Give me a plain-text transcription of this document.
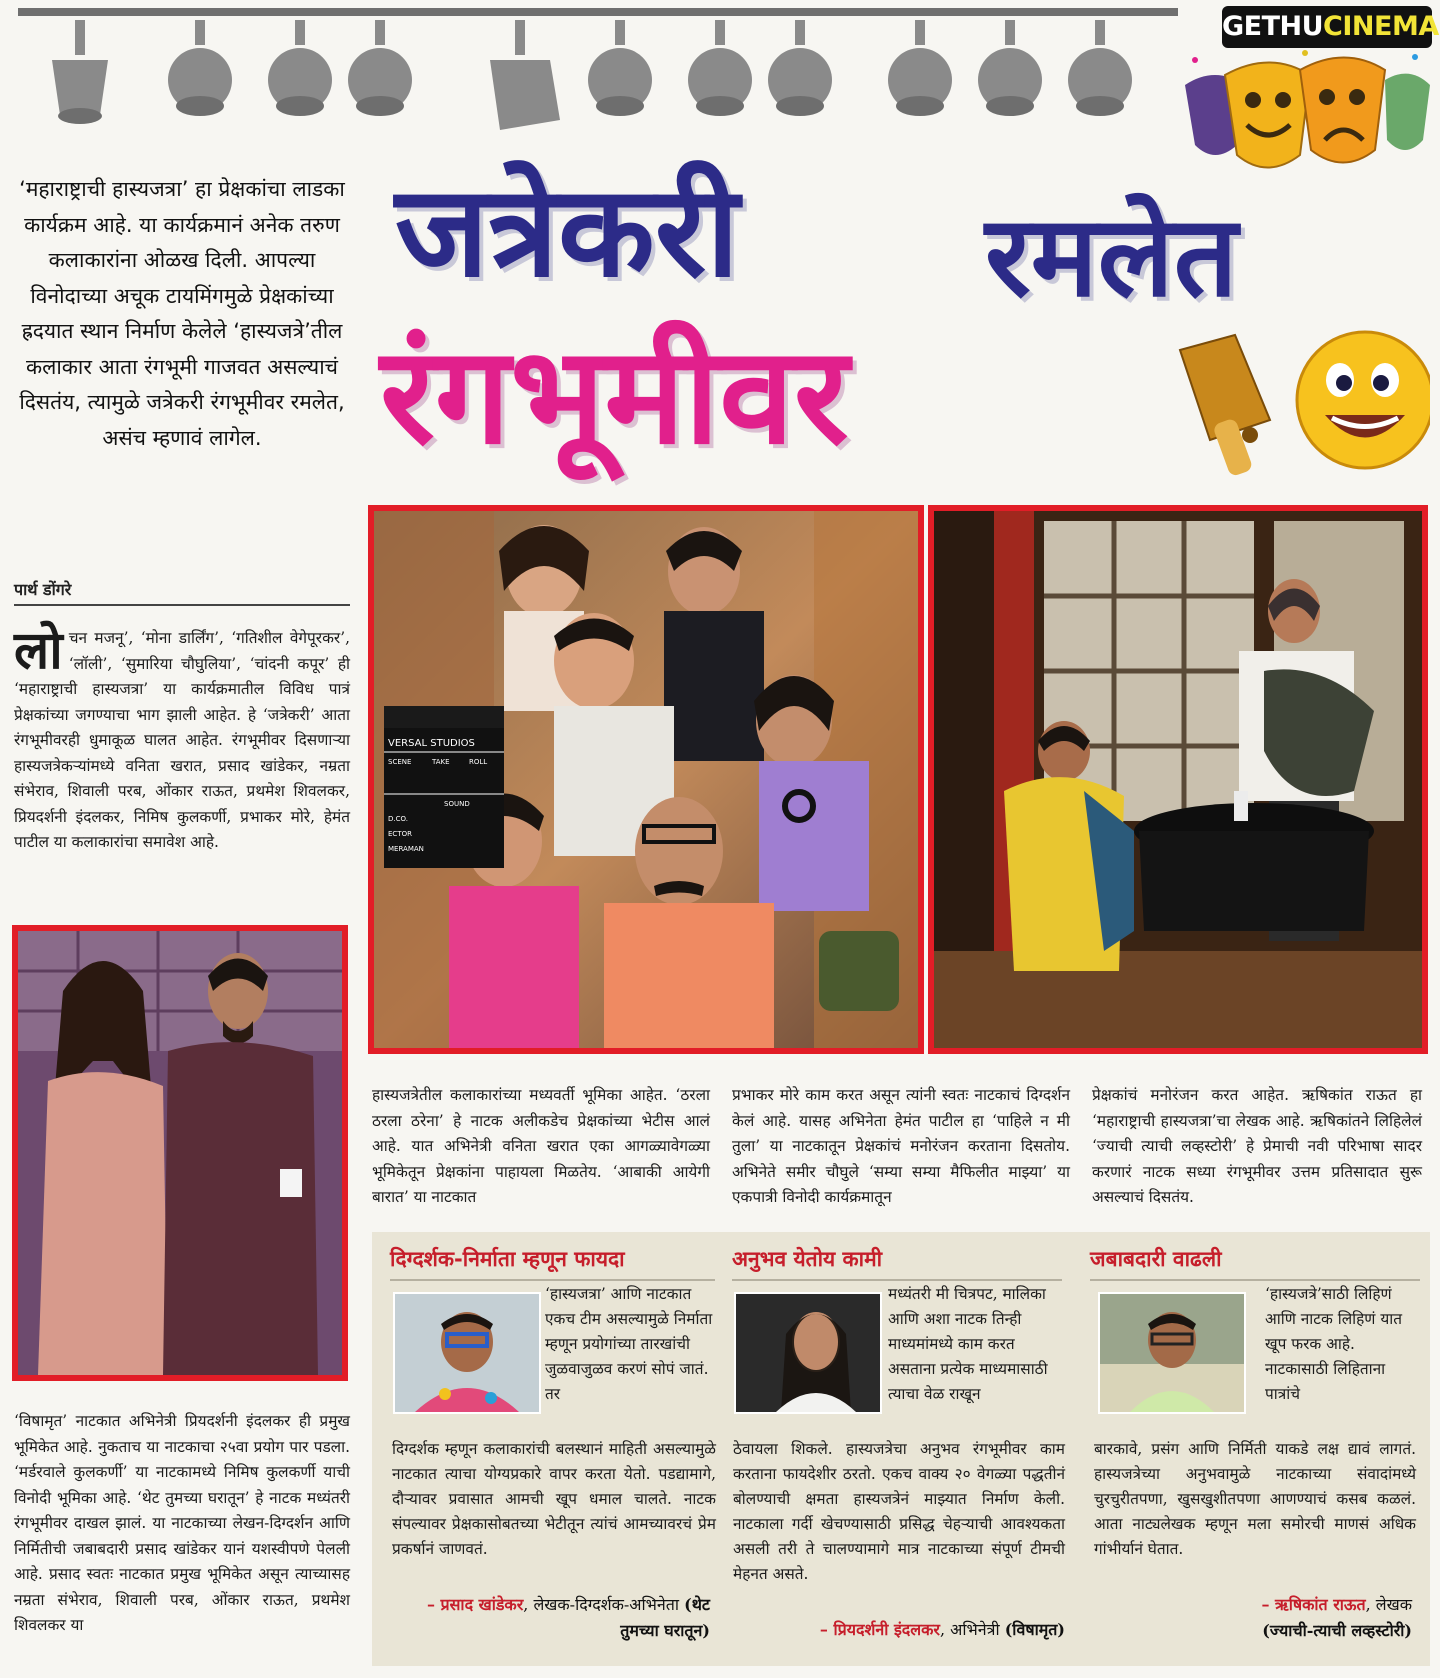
GETHUCINEMA
जत्रेकरी रमलेत
रंगभूमीवर
‘महाराष्ट्राची हास्यजत्रा’ हा प्रेक्षकांचा लाडका कार्यक्रम आहे. या कार्यक्रमानं अनेक तरुण कलाकारांना ओळख दिली. आपल्या विनोदाच्या अचूक टायमिंगमुळे प्रेक्षकांच्या ह्रदयात स्थान निर्माण केलेले ‘हास्यजत्रे’तील कलाकार आता रंगभूमी गाजवत असल्याचं दिसतंय, त्यामुळे जत्रेकरी रंगभूमीवर रमलेत, असंच म्हणावं लागेल.
पार्थ डोंगरे
लोचन मजनू’, ‘मोना डार्लिंग’, ‘गतिशील वेगेपूरकर’, ‘लॉली’, ‘सुमारिया चौघुलिया’, ‘चांदनी कपूर’ ही ‘महाराष्ट्राची हास्यजत्रा’ या कार्यक्रमातील विविध पात्रं प्रेक्षकांच्या जगण्याचा भाग झाली आहेत. हे ‘जत्रेकरी’ आता रंगभूमीवरही धुमाकूळ घालत आहेत. रंगभूमीवर दिसणाऱ्या हास्यजत्रेकऱ्यांमध्ये वनिता खरात, प्रसाद खांडेकर, नम्रता संभेराव, शिवाली परब, ओंकार राऊत, प्रथमेश शिवलकर, प्रियदर्शनी इंदलकर, निमिष कुलकर्णी, प्रभाकर मोरे, हेमंत पाटील या कलाकारांचा समावेश आहे.
VERSAL STUDIOS
SCENE	TAKE	ROLL
SOUND
D.CO.
ECTOR
MERAMAN
हास्यजत्रेतील कलाकारांच्या मध्यवर्ती भूमिका आहेत. ‘ठरला ठरला ठरेना’ हे नाटक अलीकडेच प्रेक्षकांच्या भेटीस आलं आहे. यात अभिनेत्री वनिता खरात एका आगळ्यावेगळ्या भूमिकेतून प्रेक्षकांना पाहायला मिळतेय. ‘आबाकी आयेगी बारात’ या नाटकात
प्रभाकर मोरे काम करत असून त्यांनी स्वतः नाटकाचं दिग्दर्शन केलं आहे. यासह अभिनेता हेमंत पाटील हा ‘पाहिले न मी तुला’ या नाटकातून प्रेक्षकांचं मनोरंजन करताना दिसतोय. अभिनेते समीर चौघुले ‘सम्या सम्या मैफिलीत माझ्या’ या एकपात्री विनोदी कार्यक्रमातून
प्रेक्षकांचं मनोरंजन करत आहेत. ऋषिकांत राऊत हा ‘महाराष्ट्राची हास्यजत्रा’चा लेखक आहे. ऋषिकांतने लिहिलेलं ‘ज्याची त्याची लव्हस्टोरी’ हे प्रेमाची नवी परिभाषा सादर करणारं नाटक सध्या रंगभूमीवर उत्तम प्रतिसादात सुरू असल्याचं दिसतंय.
‘विषामृत’ नाटकात अभिनेत्री प्रियदर्शनी इंदलकर ही प्रमुख भूमिकेत आहे. नुकताच या नाटकाचा २५वा प्रयोग पार पडला. ‘मर्डरवाले कुलकर्णी’ या नाटकामध्ये निमिष कुलकर्णी याची विनोदी भूमिका आहे. ‘थेट तुमच्या घरातून’ हे नाटक मध्यंतरी रंगभूमीवर दाखल झालं. या नाटकाच्या लेखन-दिग्दर्शन आणि निर्मितीची जबाबदारी प्रसाद खांडेकर यानं यशस्वीपणे पेलली आहे. प्रसाद स्वतः नाटकात प्रमुख भूमिकेत असून त्याच्यासह नम्रता संभेराव, शिवाली परब, ओंकार राऊत, प्रथमेश शिवलकर या
दिग्दर्शक-निर्माता म्हणून फायदा
‘हास्यजत्रा’ आणि नाटकात एकच टीम असल्यामुळे निर्माता म्हणून प्रयोगांच्या तारखांची जुळवाजुळव करणं सोपं जातं. तर
दिग्दर्शक म्हणून कलाकारांची बलस्थानं माहिती असल्यामुळे नाटकात त्याचा योग्यप्रकारे वापर करता येतो. पडद्यामागे, दौऱ्यावर प्रवासात आमची खूप धमाल चालते. नाटक संपल्यावर प्रेक्षकासोबतच्या भेटीतून त्यांचं आमच्यावरचं प्रेम प्रकर्षानं जाणवतं.
– प्रसाद खांडेकर, लेखक-दिग्दर्शक-अभिनेता (थेट तुमच्या घरातून)
अनुभव येतोय कामी
मध्यंतरी मी चित्रपट, मालिका आणि अशा नाटक तिन्ही माध्यमांमध्ये काम करत असताना प्रत्येक माध्यमासाठी त्याचा वेळ राखून
ठेवायला शिकले. हास्यजत्रेचा अनुभव रंगभूमीवर काम करताना फायदेशीर ठरतो. एकच वाक्य २० वेगळ्या पद्धतीनं बोलण्याची क्षमता हास्यजत्रेनं माझ्यात निर्माण केली. नाटकाला गर्दी खेचण्यासाठी प्रसिद्ध चेहऱ्याची आवश्यकता असली तरी ते चालण्यामागे मात्र नाटकाच्या संपूर्ण टीमची मेहनत असते.
– प्रियदर्शनी इंदलकर, अभिनेत्री (विषामृत)
जबाबदारी वाढली
‘हास्यजत्रे’साठी लिहिणं आणि नाटक लिहिणं यात खूप फरक आहे. नाटकासाठी लिहिताना पात्रांचे
बारकावे, प्रसंग आणि निर्मिती याकडे लक्ष द्यावं लागतं. हास्यजत्रेच्या अनुभवामुळे नाटकाच्या संवादांमध्ये चुरचुरीतपणा, खुसखुशीतपणा आणण्याचं कसब कळलं. आता नाट्यलेखक म्हणून मला समोरची माणसं अधिक गांभीर्यानं घेतात.
– ऋषिकांत राऊत, लेखक
(ज्याची-त्याची लव्हस्टोरी)
